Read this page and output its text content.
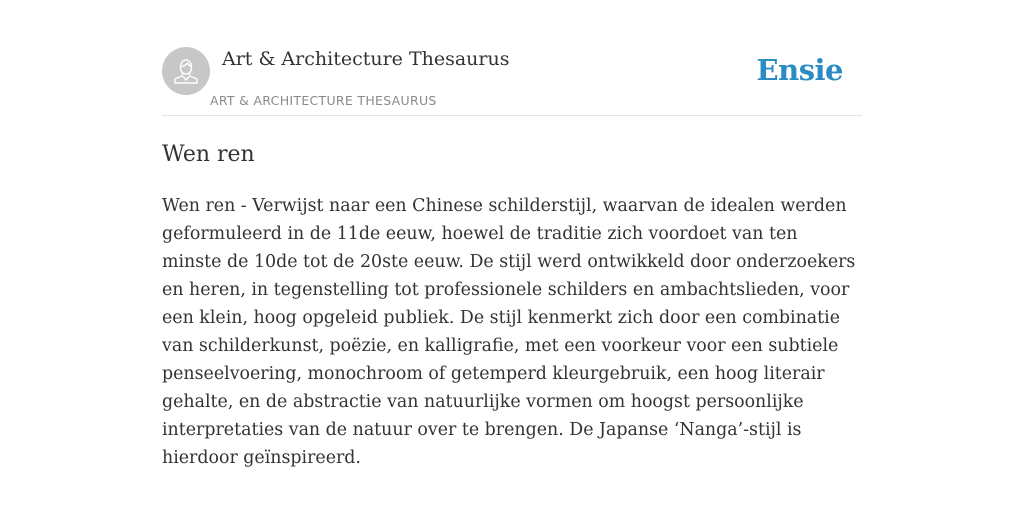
Art & Architecture Thesaurus
ART & ARCHITECTURE THESAURUS
Ensie
Wen ren

Wen ren - Verwijst naar een Chinese schilderstijl, waarvan de idealen werden geformuleerd in de 11de eeuw, hoewel de traditie zich voordoet van ten minste de 10de tot de 20ste eeuw. De stijl werd ontwikkeld door onderzoekers en heren, in tegenstelling tot professionele schilders en ambachtslieden, voor een klein, hoog opgeleid publiek. De stijl kenmerkt zich door een combinatie van schilderkunst, poëzie, en kalligrafie, met een voorkeur voor een subtiele penseelvoering, monochroom of getemperd kleurgebruik, een hoog literair gehalte, en de abstractie van natuurlijke vormen om hoogst persoonlijke interpretaties van de natuur over te brengen. De Japanse ‘Nanga’-stijl is hierdoor geïnspireerd.
